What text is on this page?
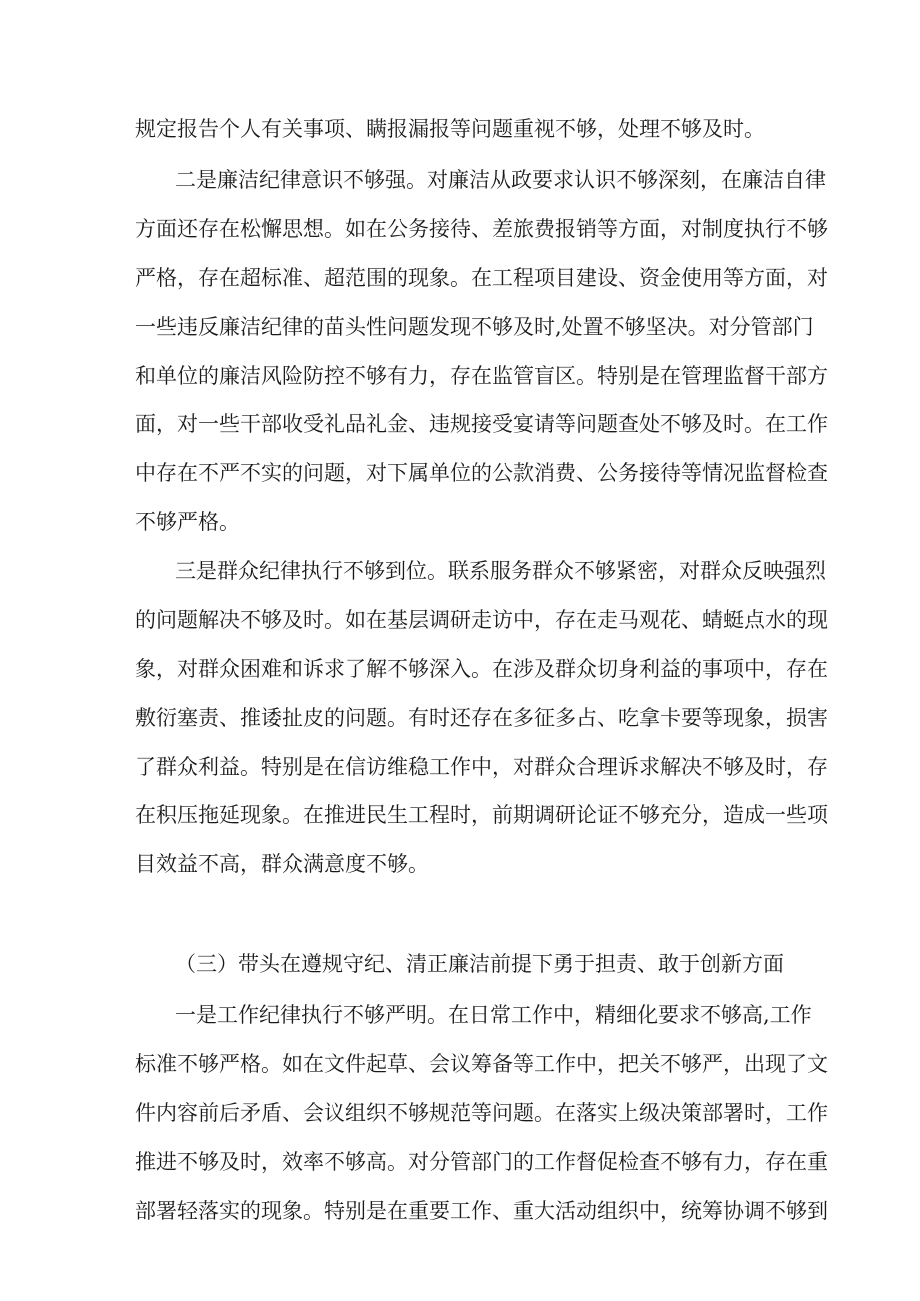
规定报告个人有关事项、瞒报漏报等问题重视不够，处理不够及时。
二是廉洁纪律意识不够强。对廉洁从政要求认识不够深刻，在廉洁自律
方面还存在松懈思想。如在公务接待、差旅费报销等方面，对制度执行不够
严格，存在超标准、超范围的现象。在工程项目建设、资金使用等方面，对
一些违反廉洁纪律的苗头性问题发现不够及时,处置不够坚决。对分管部门
和单位的廉洁风险防控不够有力，存在监管盲区。特别是在管理监督干部方
面，对一些干部收受礼品礼金、违规接受宴请等问题查处不够及时。在工作
中存在不严不实的问题，对下属单位的公款消费、公务接待等情况监督检查
不够严格。
三是群众纪律执行不够到位。联系服务群众不够紧密，对群众反映强烈
的问题解决不够及时。如在基层调研走访中，存在走马观花、蜻蜓点水的现
象，对群众困难和诉求了解不够深入。在涉及群众切身利益的事项中，存在
敷衍塞责、推诿扯皮的问题。有时还存在多征多占、吃拿卡要等现象，损害
了群众利益。特别是在信访维稳工作中，对群众合理诉求解决不够及时，存
在积压拖延现象。在推进民生工程时，前期调研论证不够充分，造成一些项
目效益不高，群众满意度不够。
（三）带头在遵规守纪、清正廉洁前提下勇于担责、敢于创新方面
一是工作纪律执行不够严明。在日常工作中，精细化要求不够高,工作
标准不够严格。如在文件起草、会议筹备等工作中，把关不够严，出现了文
件内容前后矛盾、会议组织不够规范等问题。在落实上级决策部署时，工作
推进不够及时，效率不够高。对分管部门的工作督促检查不够有力，存在重
部署轻落实的现象。特别是在重要工作、重大活动组织中，统筹协调不够到
